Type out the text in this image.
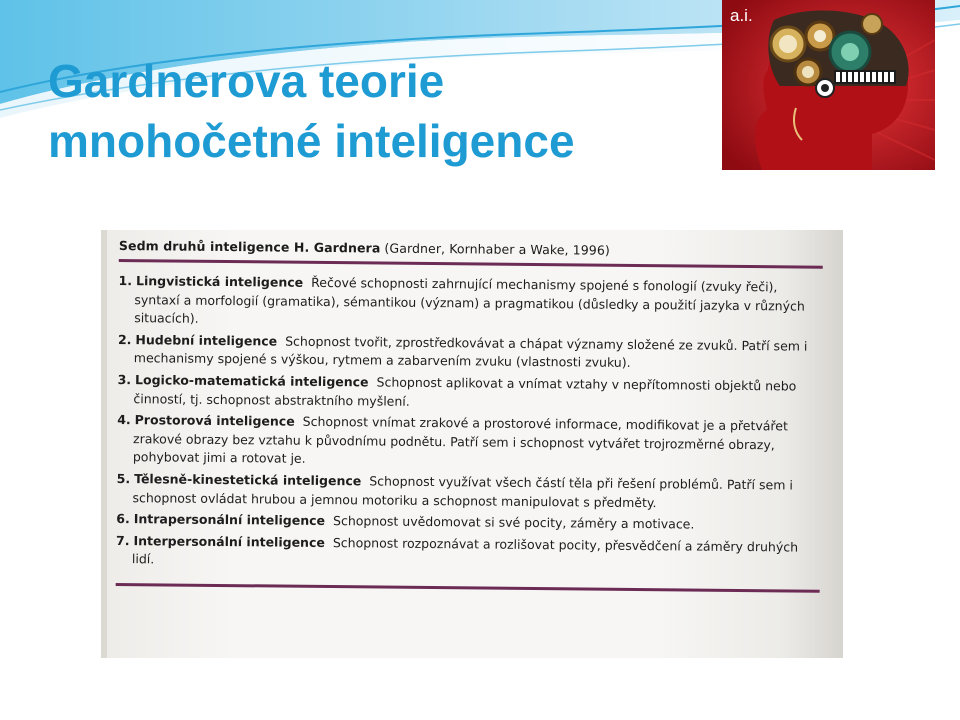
Gardnerova teorie
mnohočetné inteligence
a.i.
Sedm druhů inteligence H. Gardnera (Gardner, Kornhaber a Wake, 1996)
1. Lingvistická inteligence Řečové schopnosti zahrnující mechanismy spojené s fonologií (zvuky řeči), syntaxí a morfologií (gramatika), sémantikou (význam) a pragmatikou (důsledky a použití jazyka v různých situacích).
2. Hudební inteligence Schopnost tvořit, zprostředkovávat a chápat významy složené ze zvuků. Patří sem i mechanismy spojené s výškou, rytmem a zabarvením zvuku (vlastnosti zvuku).
3. Logicko-matematická inteligence Schopnost aplikovat a vnímat vztahy v nepřítomnosti objektů nebo činností, tj. schopnost abstraktního myšlení.
4. Prostorová inteligence Schopnost vnímat zrakové a prostorové informace, modifikovat je a přetvářet zrakové obrazy bez vztahu k původnímu podnětu. Patří sem i schopnost vytvářet trojrozměrné obrazy, pohybovat jimi a rotovat je.
5. Tělesně-kinestetická inteligence Schopnost využívat všech částí těla při řešení problémů. Patří sem i schopnost ovládat hrubou a jemnou motoriku a schopnost manipulovat s předměty.
6. Intrapersonální inteligence Schopnost uvědomovat si své pocity, záměry a motivace.
7. Interpersonální inteligence Schopnost rozpoznávat a rozlišovat pocity, přesvědčení a záměry druhých lidí.
